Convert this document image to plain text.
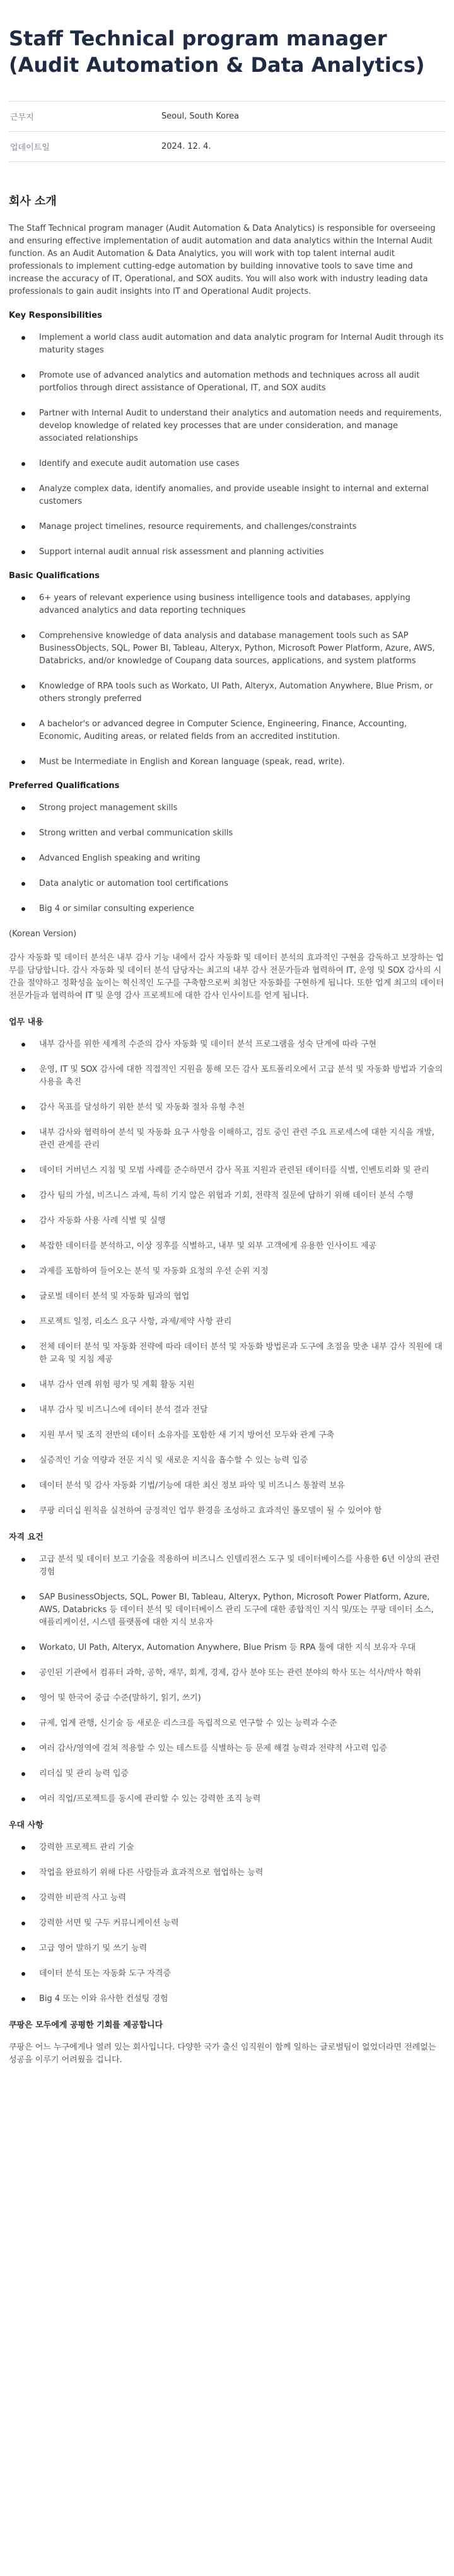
Staff Technical program manager (Audit Automation & Data Analytics)
근무지	Seoul, South Korea
업데이트일	2024. 12. 4.
회사 소개

The Staff Technical program manager (Audit Automation & Data Analytics) is responsible for overseeing and ensuring effective implementation of audit automation and data analytics within the Internal Audit function. As an Audit Automation & Data Analytics, you will work with top talent internal audit professionals to implement cutting-edge automation by building innovative tools to save time and increase the accuracy of IT, Operational, and SOX audits. You will also work with industry leading data professionals to gain audit insights into IT and Operational Audit projects.

Key Responsibilities
Implement a world class audit automation and data analytic program for Internal Audit through its maturity stages
Promote use of advanced analytics and automation methods and techniques across all audit portfolios through direct assistance of Operational, IT, and SOX audits
Partner with Internal Audit to understand their analytics and automation needs and requirements, develop knowledge of related key processes that are under consideration, and manage associated relationships
Identify and execute audit automation use cases
Analyze complex data, identify anomalies, and provide useable insight to internal and external customers
Manage project timelines, resource requirements, and challenges/constraints
Support internal audit annual risk assessment and planning activities
Basic Qualifications
6+ years of relevant experience using business intelligence tools and databases, applying advanced analytics and data reporting techniques
Comprehensive knowledge of data analysis and database management tools such as SAP BusinessObjects, SQL, Power BI, Tableau, Alteryx, Python, Microsoft Power Platform, Azure, AWS, Databricks, and/or knowledge of Coupang data sources, applications, and system platforms
Knowledge of RPA tools such as Workato, UI Path, Alteryx, Automation Anywhere, Blue Prism, or others strongly preferred
A bachelor's or advanced degree in Computer Science, Engineering, Finance, Accounting, Economic, Auditing areas, or related fields from an accredited institution.
Must be Intermediate in English and Korean language (speak, read, write).
Preferred Qualifications
Strong project management skills
Strong written and verbal communication skills
Advanced English speaking and writing
Data analytic or automation tool certifications
Big 4 or similar consulting experience

(Korean Version)

감사 자동화 및 데이터 분석은 내부 감사 기능 내에서 감사 자동화 및 데이터 분석의 효과적인 구현을 감독하고 보장하는 업무를 담당합니다. 감사 자동화 및 데이터 분석 담당자는 최고의 내부 감사 전문가들과 협력하여 IT, 운영 및 SOX 감사의 시간을 절약하고 정확성을 높이는 혁신적인 도구를 구축함으로써 최첨단 자동화를 구현하게 됩니다. 또한 업계 최고의 데이터 전문가들과 협력하여 IT 및 운영 감사 프로젝트에 대한 감사 인사이트를 얻게 됩니다.

업무 내용
내부 감사를 위한 세계적 수준의 감사 자동화 및 데이터 분석 프로그램을 성숙 단계에 따라 구현
운영, IT 및 SOX 감사에 대한 직접적인 지원을 통해 모든 감사 포트폴리오에서 고급 분석 및 자동화 방법과 기술의 사용을 촉진
감사 목표를 달성하기 위한 분석 및 자동화 절차 유형 추천
내부 감사와 협력하여 분석 및 자동화 요구 사항을 이해하고, 검토 중인 관련 주요 프로세스에 대한 지식을 개발, 관련 관계를 관리
데이터 거버넌스 지침 및 모범 사례를 준수하면서 감사 목표 지원과 관련된 데이터를 식별, 인벤토리화 및 관리
감사 팀의 가설, 비즈니스 과제, 특히 기지 않은 위협과 기회, 전략적 질문에 답하기 위해 데이터 분석 수행
감사 자동화 사용 사례 식별 및 실행
복잡한 데이터를 분석하고, 이상 징후를 식별하고, 내부 및 외부 고객에게 유용한 인사이트 제공
과제를 포함하여 들어오는 분석 및 자동화 요청의 우선 순위 지정
글로벌 데이터 분석 및 자동화 팀과의 협업
프로젝트 일정, 리소스 요구 사항, 과제/제약 사항 관리
전체 데이터 분석 및 자동화 전략에 따라 데이터 분석 및 자동화 방법론과 도구에 초점을 맞춘 내부 감사 직원에 대한 교육 및 지침 제공
내부 감사 연례 위험 평가 및 계획 활동 지원
내부 감사 및 비즈니스에 데이터 분석 결과 전달
지원 부서 및 조직 전반의 데이터 소유자를 포함한 새 기지 방어선 모두와 관계 구축
실증적인 기술 역량과 전문 지식 및 새로운 지식을 흡수할 수 있는 능력 입증
데이터 분석 및 감사 자동화 기법/기능에 대한 최신 정보 파악 및 비즈니스 통찰력 보유
쿠팡 리더십 원칙을 실천하여 긍정적인 업무 환경을 조성하고 효과적인 롤모델이 될 수 있어야 함
자격 요건
고급 분석 및 데이터 보고 기술을 적용하여 비즈니스 인텔리전스 도구 및 데이터베이스를 사용한 6년 이상의 관련 경험
SAP BusinessObjects, SQL, Power BI, Tableau, Alteryx, Python, Microsoft Power Platform, Azure, AWS, Databricks 등 데이터 분석 및 데이터베이스 관리 도구에 대한 종합적인 지식 및/또는 쿠팡 데이터 소스, 애플리케이션, 시스템 플랫폼에 대한 지식 보유자
Workato, UI Path, Alteryx, Automation Anywhere, Blue Prism 등 RPA 툴에 대한 지식 보유자 우대
공인된 기관에서 컴퓨터 과학, 공학, 재무, 회계, 경제, 감사 분야 또는 관련 분야의 학사 또는 석사/박사 학위
영어 및 한국어 중급 수준(말하기, 읽기, 쓰기)
규제, 업계 관행, 신기술 등 새로운 리스크를 독립적으로 연구할 수 있는 능력과 수준
여러 감사/영역에 걸쳐 적용할 수 있는 테스트를 식별하는 등 문제 해결 능력과 전략적 사고력 입증
리더십 및 관리 능력 입증
여러 직업/프로젝트를 동시에 관리할 수 있는 강력한 조직 능력
우대 사항
강력한 프로젝트 관리 기술
작업을 완료하기 위해 다른 사람들과 효과적으로 협업하는 능력
강력한 비판적 사고 능력
강력한 서면 및 구두 커뮤니케이션 능력
고급 영어 말하기 및 쓰기 능력
데이터 분석 또는 자동화 도구 자격증
Big 4 또는 이와 유사한 컨설팅 경험
쿠팡은 모두에게 공평한 기회를 제공합니다

쿠팡은 어느 누구에게나 열려 있는 회사입니다. 다양한 국가 출신 임직원이 함께 일하는 글로벌팀이 없었더라면 전례없는 성공을 이루기 어려웠을 겁니다.
